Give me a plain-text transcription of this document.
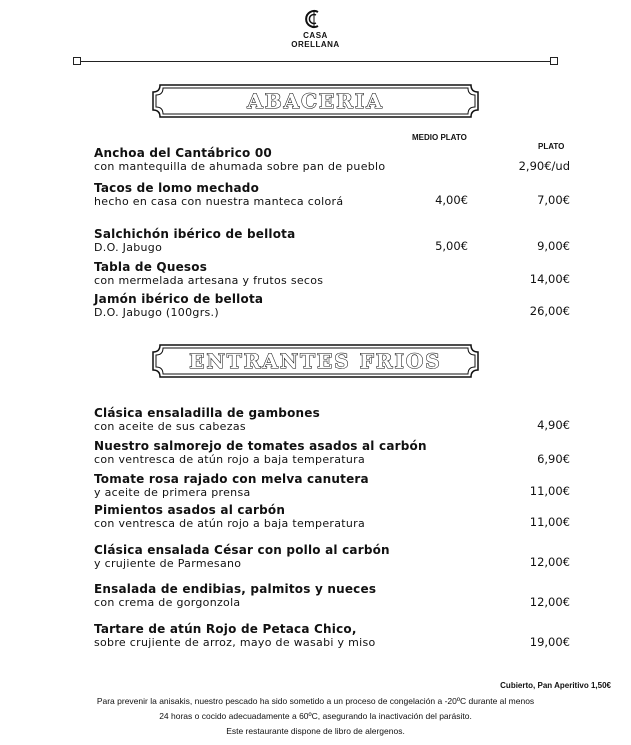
CASA
ORELLANA
ABACERIA
MEDIO PLATO
PLATO
Anchoa del Cantábrico 00
con mantequilla de ahumada sobre pan de pueblo	2,90€/ud
Tacos de lomo mechado
hecho en casa con nuestra manteca colorá	4,00€	7,00€
Salchichón ibérico de bellota
D.O. Jabugo	5,00€	9,00€
Tabla de Quesos
con mermelada artesana y frutos secos	14,00€
Jamón ibérico de bellota
D.O. Jabugo (100grs.)	26,00€
ENTRANTES FRIOS
Clásica ensaladilla de gambones
con aceite de sus cabezas	4,90€
Nuestro salmorejo de tomates asados al carbón
con ventresca de atún rojo a baja temperatura	6,90€
Tomate rosa rajado con melva canutera
y aceite de primera prensa	11,00€
Pimientos asados al carbón
con ventresca de atún rojo a baja temperatura	11,00€
Clásica ensalada César con pollo al carbón
y crujiente de Parmesano	12,00€
Ensalada de endibias, palmitos y nueces
con crema de gorgonzola	12,00€
Tartare de atún Rojo de Petaca Chico,
sobre crujiente de arroz, mayo de wasabi y miso	19,00€
Cubierto, Pan Aperitivo 1,50€
Para prevenir la anisakis, nuestro pescado ha sido sometido a un proceso de congelación a -20ºC durante al menos
24 horas o cocido adecuadamente a 60ºC, asegurando la inactivación del parásito.
Este restaurante dispone de libro de alergenos.
